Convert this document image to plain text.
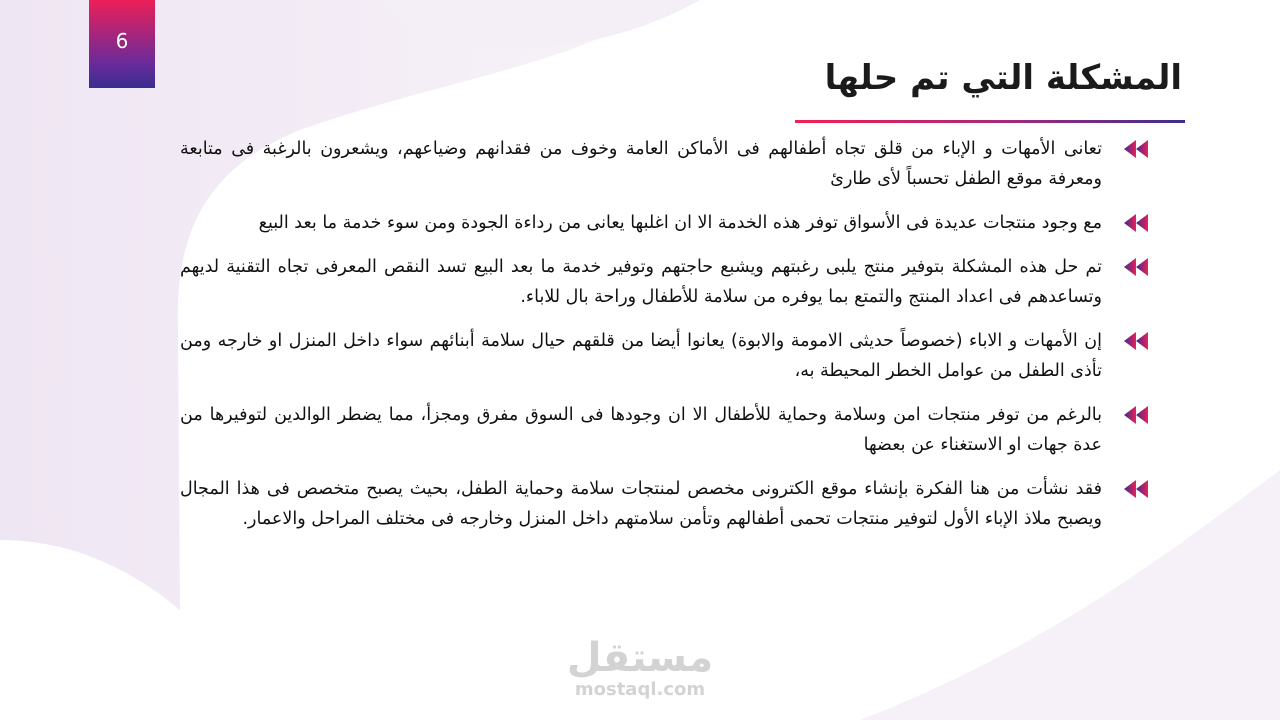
6
المشكلة التي تم حلها
تعانى الأمهات و الإباء من قلق تجاه أطفالهم فى الأماكن العامة وخوف من فقدانهم وضياعهم، ويشعرون بالرغبة فى متابعة ومعرفة موقع الطفل تحسباً لأى طارئ
مع وجود منتجات عديدة فى الأسواق توفر هذه الخدمة الا ان اغلبها يعانى من رداءة الجودة ومن سوء خدمة ما بعد البيع
تم حل هذه المشكلة بتوفير منتج يلبى رغبتهم ويشبع حاجتهم وتوفير خدمة ما بعد البيع تسد النقص المعرفى تجاه التقنية لديهم وتساعدهم فى اعداد المنتج والتمتع بما يوفره من سلامة للأطفال وراحة بال للاباء.
إن الأمهات و الاباء (خصوصاً حديثى الامومة والابوة) يعانوا أيضا من قلقهم حيال سلامة أبنائهم سواء داخل المنزل او خارجه ومن تأذى الطفل من عوامل الخطر المحيطة به،
بالرغم من توفر منتجات امن وسلامة وحماية للأطفال الا ان وجودها فى السوق مفرق ومجزأ، مما يضطر الوالدين لتوفيرها من عدة جهات او الاستغناء عن بعضها
فقد نشأت من هنا الفكرة بإنشاء موقع الكترونى مخصص لمنتجات سلامة وحماية الطفل، بحيث يصبح متخصص فى هذا المجال ويصبح ملاذ الإباء الأول لتوفير منتجات تحمى أطفالهم وتأمن سلامتهم داخل المنزل وخارجه فى مختلف المراحل والاعمار.
مستقل
mostaql.com
